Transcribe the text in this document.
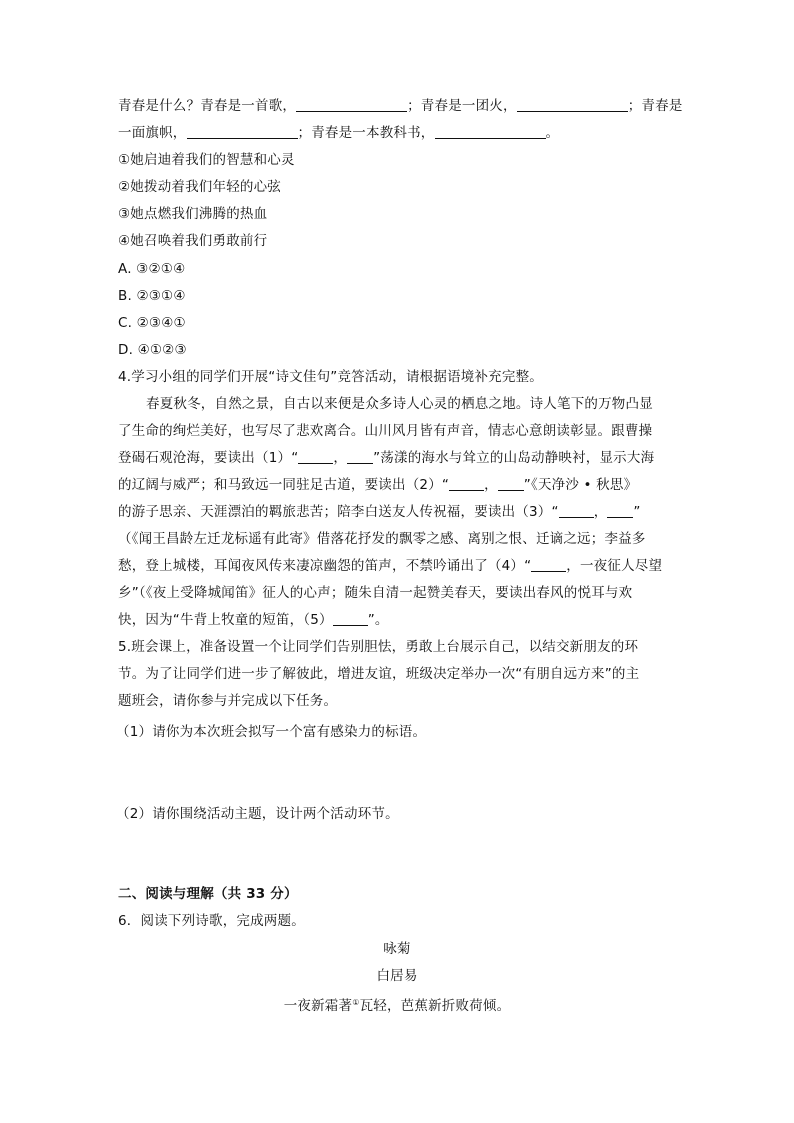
青春是什么？青春是一首歌，	；青春是一团火，	；青春是
一面旗帜，	；青春是一本教科书，	。
①她启迪着我们的智慧和心灵
②她拨动着我们年轻的心弦
③她点燃我们沸腾的热血
④她召唤着我们勇敢前行
A. ③②①④
B. ②③①④
C. ②③④①
D. ④①②③
4.学习小组的同学们开展“诗文佳句”竞答活动，请根据语境补充完整。
春夏秋冬，自然之景，自古以来便是众多诗人心灵的栖息之地。诗人笔下的万物凸显
了生命的绚烂美好，也写尽了悲欢离合。山川风月皆有声音，情志心意朗读彰显。跟曹操
登碣石观沧海，要读出（1）“	， ”荡漾的海水与耸立的山岛动静映衬，显示大海
的辽阔与威严；和马致远一同驻足古道，要读出（2）“	， ”《天净沙 • 秋思》
的游子思亲、天涯漂泊的羁旅悲苦；陪李白送友人传祝福，要读出（3）“	， ”
（《闻王昌龄左迁龙标遥有此寄》借落花抒发的飘零之感、离别之恨、迁谪之远；李益多
愁，登上城楼，耳闻夜风传来凄凉幽怨的笛声，不禁吟诵出了（4）“	，一夜征人尽望
乡”（《夜上受降城闻笛》征人的心声；随朱自清一起赞美春天，要读出春风的悦耳与欢
快，因为“牛背上牧童的短笛，（5）	”。
5.班会课上，准备设置一个让同学们告别胆怯，勇敢上台展示自己，以结交新朋友的环
节。为了让同学们进一步了解彼此，增进友谊，班级决定举办一次“有朋自远方来”的主
题班会，请你参与并完成以下任务。
（1）请你为本次班会拟写一个富有感染力的标语。
（2）请你围绕活动主题，设计两个活动环节。
二、阅读与理解（共 33 分）
6．阅读下列诗歌，完成两题。
咏菊
白居易
一夜新霜著①瓦轻，芭蕉新折败荷倾。
